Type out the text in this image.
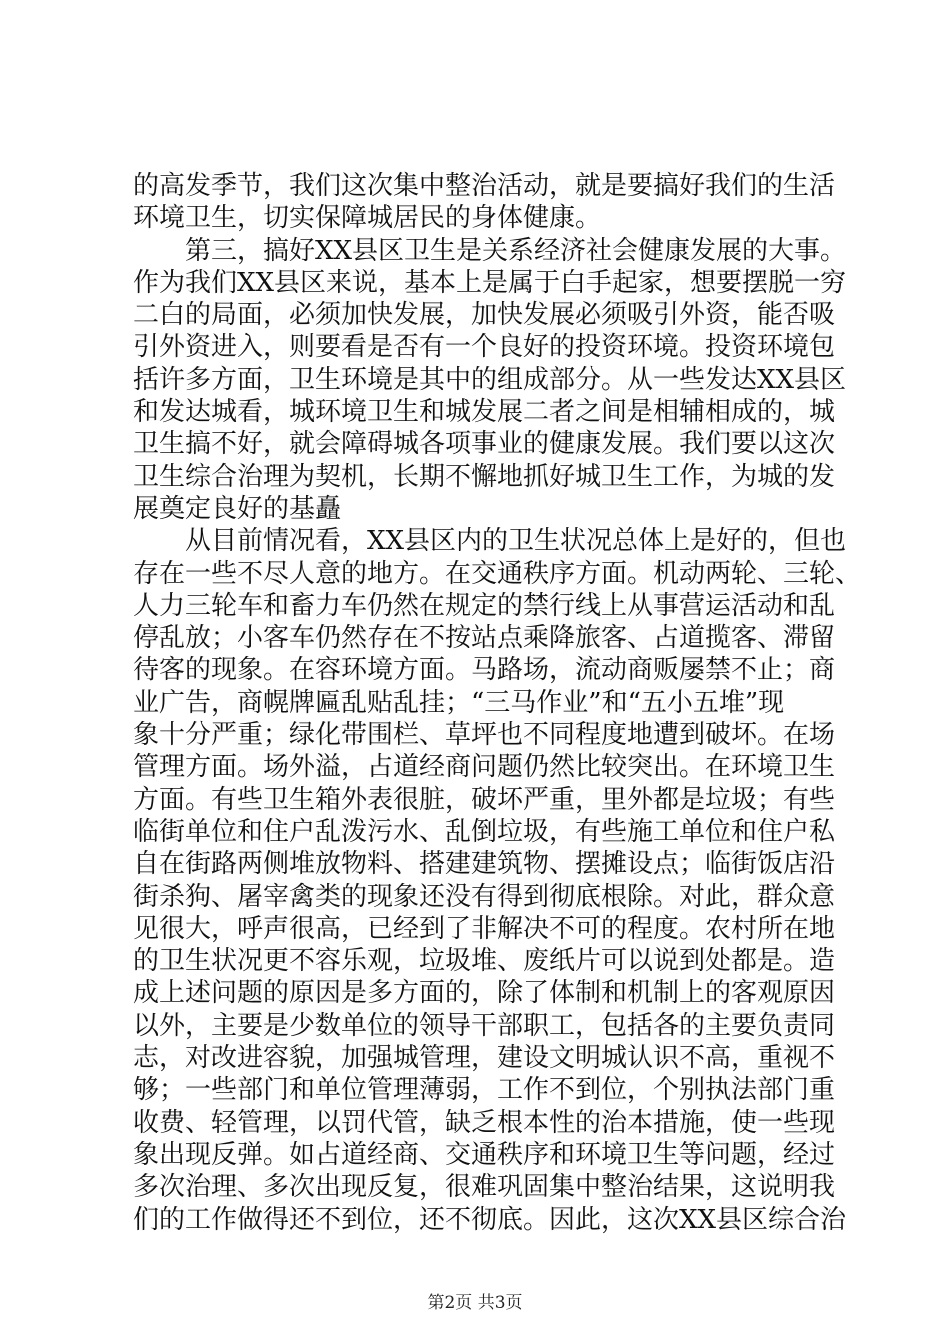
的高发季节，我们这次集中整治活动，就是要搞好我们的生活
环境卫生，切实保障城居民的身体健康。
　　第三，搞好XX县区卫生是关系经济社会健康发展的大事。
作为我们XX县区来说，基本上是属于白手起家，想要摆脱一穷
二白的局面，必须加快发展，加快发展必须吸引外资，能否吸
引外资进入，则要看是否有一个良好的投资环境。投资环境包
括许多方面，卫生环境是其中的组成部分。从一些发达XX县区
和发达城看，城环境卫生和城发展二者之间是相辅相成的，城
卫生搞不好，就会障碍城各项事业的健康发展。我们要以这次
卫生综合治理为契机，长期不懈地抓好城卫生工作，为城的发
展奠定良好的基矗
　　从目前情况看，XX县区内的卫生状况总体上是好的，但也
存在一些不尽人意的地方。在交通秩序方面。机动两轮、三轮、
人力三轮车和畜力车仍然在规定的禁行线上从事营运活动和乱
停乱放；小客车仍然存在不按站点乘降旅客、占道揽客、滞留
待客的现象。在容环境方面。马路场，流动商贩屡禁不止；商
业广告，商幌牌匾乱贴乱挂；“三马作业”和“五小五堆”现
象十分严重；绿化带围栏、草坪也不同程度地遭到破坏。在场
管理方面。场外溢，占道经商问题仍然比较突出。在环境卫生
方面。有些卫生箱外表很脏，破坏严重，里外都是垃圾；有些
临街单位和住户乱泼污水、乱倒垃圾，有些施工单位和住户私
自在街路两侧堆放物料、搭建建筑物、摆摊设点；临街饭店沿
街杀狗、屠宰禽类的现象还没有得到彻底根除。对此，群众意
见很大，呼声很高，已经到了非解决不可的程度。农村所在地
的卫生状况更不容乐观，垃圾堆、废纸片可以说到处都是。造
成上述问题的原因是多方面的，除了体制和机制上的客观原因
以外，主要是少数单位的领导干部职工，包括各的主要负责同
志，对改进容貌，加强城管理，建设文明城认识不高，重视不
够；一些部门和单位管理薄弱，工作不到位，个别执法部门重
收费、轻管理，以罚代管，缺乏根本性的治本措施，使一些现
象出现反弹。如占道经商、交通秩序和环境卫生等问题，经过
多次治理、多次出现反复，很难巩固集中整治结果，这说明我
们的工作做得还不到位，还不彻底。因此，这次XX县区综合治
第2页 共3页
